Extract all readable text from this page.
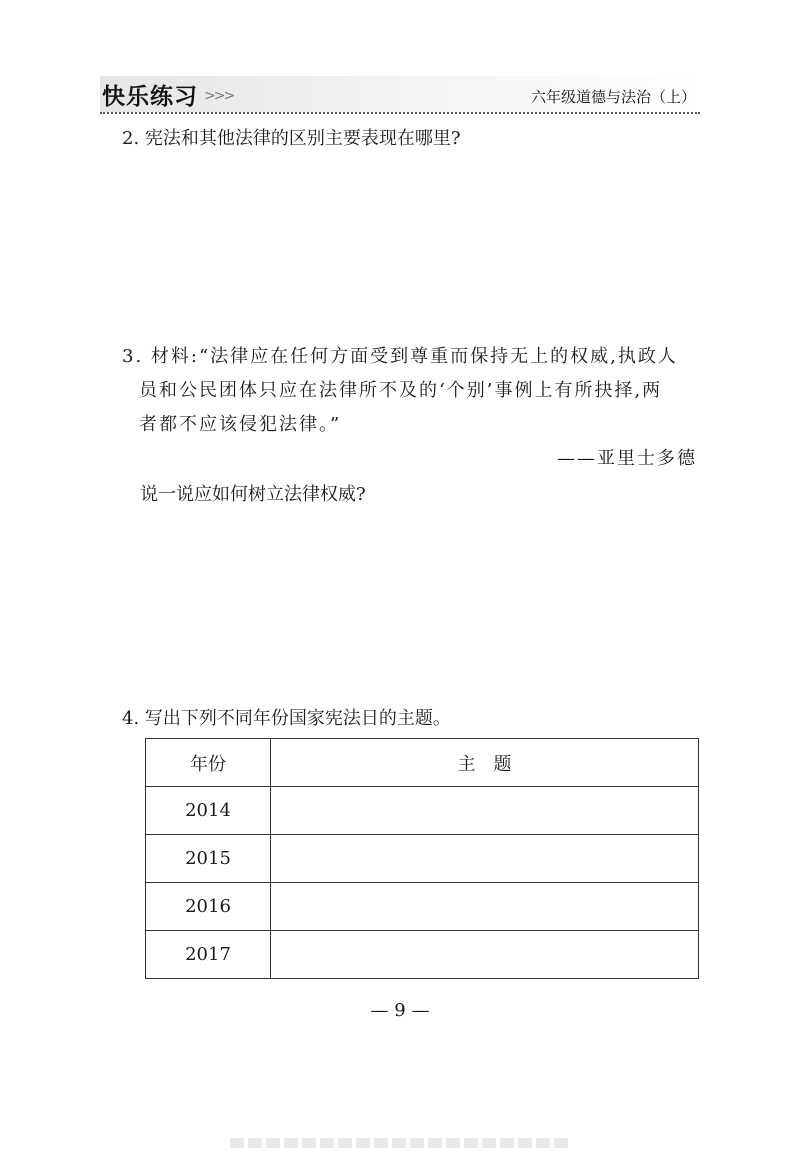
快乐练习 >>>	六年级道德与法治（上）

2. 宪法和其他法律的区别主要表现在哪里?

3. 材料:“法律应在任何方面受到尊重而保持无上的权威,执政人
员和公民团体只应在法律所不及的‘个别’事例上有所抉择,两
者都不应该侵犯法律。”

——亚里士多德
说一说应如何树立法律权威?

4. 写出下列不同年份国家宪法日的主题。

年份	主　题
2014	
2015	
2016	
2017	
— 9 —
